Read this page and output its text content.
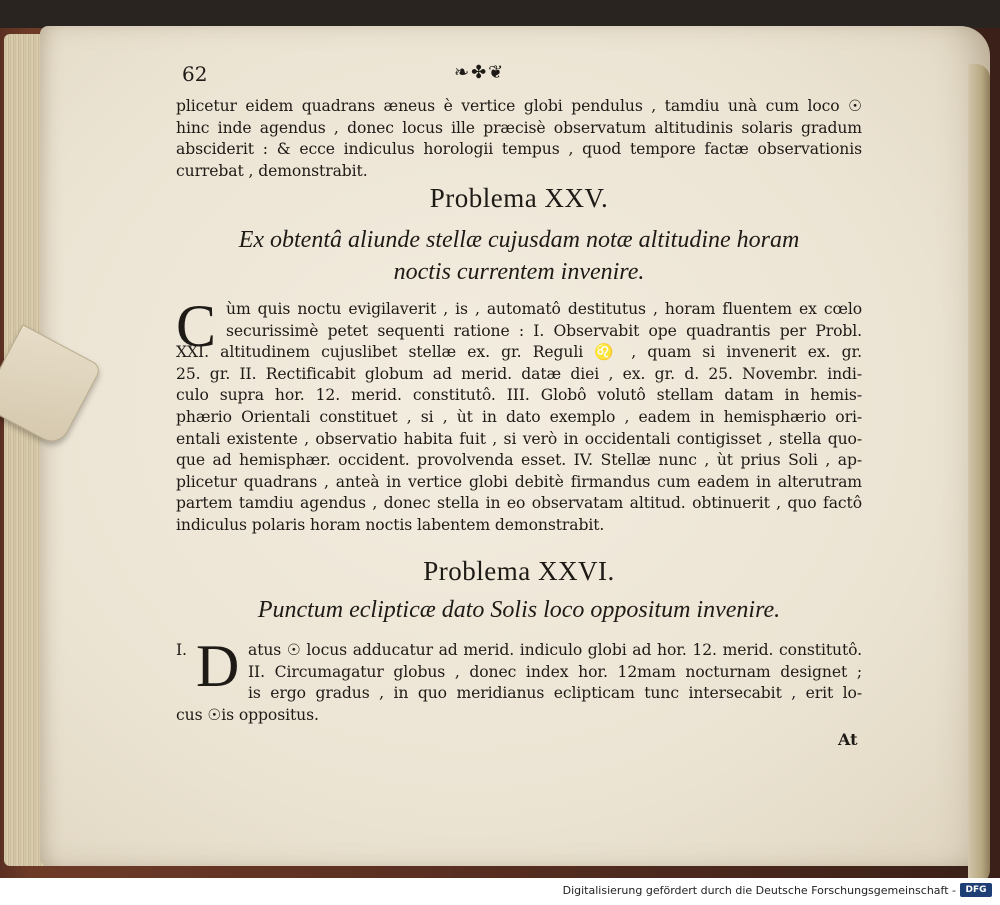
62	❧✤❦
plicetur eidem quadrans æneus è vertice globi pendulus , tamdiu unà cum loco ☉
hinc inde agendus , donec locus ille præcisè observatum altitudinis solaris gradum
absciderit : & ecce indiculus horologii tempus , quod tempore factæ observationis
currebat , demonstrabit.
Problema XXV.
Ex obtentâ aliunde stellæ cujusdam notæ altitudine horam
noctis currentem invenire.
C ùm quis noctu evigilaverit , is , automatô destitutus , horam fluentem ex cœlo
securissimè petet sequenti ratione : I. Observabit ope quadrantis per Probl.
XXI. altitudinem cujuslibet stellæ ex. gr. Reguli ♌ , quam si invenerit ex. gr.
25. gr. II. Rectificabit globum ad merid. datæ diei , ex. gr. d. 25. Novembr. indi-
culo supra hor. 12. merid. constitutô. III. Globô volutô stellam datam in hemis-
phærio Orientali constituet , si , ùt in dato exemplo , eadem in hemisphærio ori-
entali existente , observatio habita fuit , si verò in occidentali contigisset , stella quo-
que ad hemisphær. occident. provolvenda esset. IV. Stellæ nunc , ùt prius Soli , ap-
plicetur quadrans , anteà in vertice globi debitè firmandus cum eadem in alterutram
partem tamdiu agendus , donec stella in eo observatam altitud. obtinuerit , quo factô
indiculus polaris horam noctis labentem demonstrabit.
Problema XXVI.
Punctum eclipticæ dato Solis loco oppositum invenire.
I. D atus ☉ locus adducatur ad merid. indiculo globi ad hor. 12. merid. constitutô.
II. Circumagatur globus , donec index hor. 12mam nocturnam designet ;
is ergo gradus , in quo meridianus eclipticam tunc intersecabit , erit lo-
cus ☉is oppositus.
At
Digitalisierung gefördert durch die Deutsche Forschungsgemeinschaft -	DFG
